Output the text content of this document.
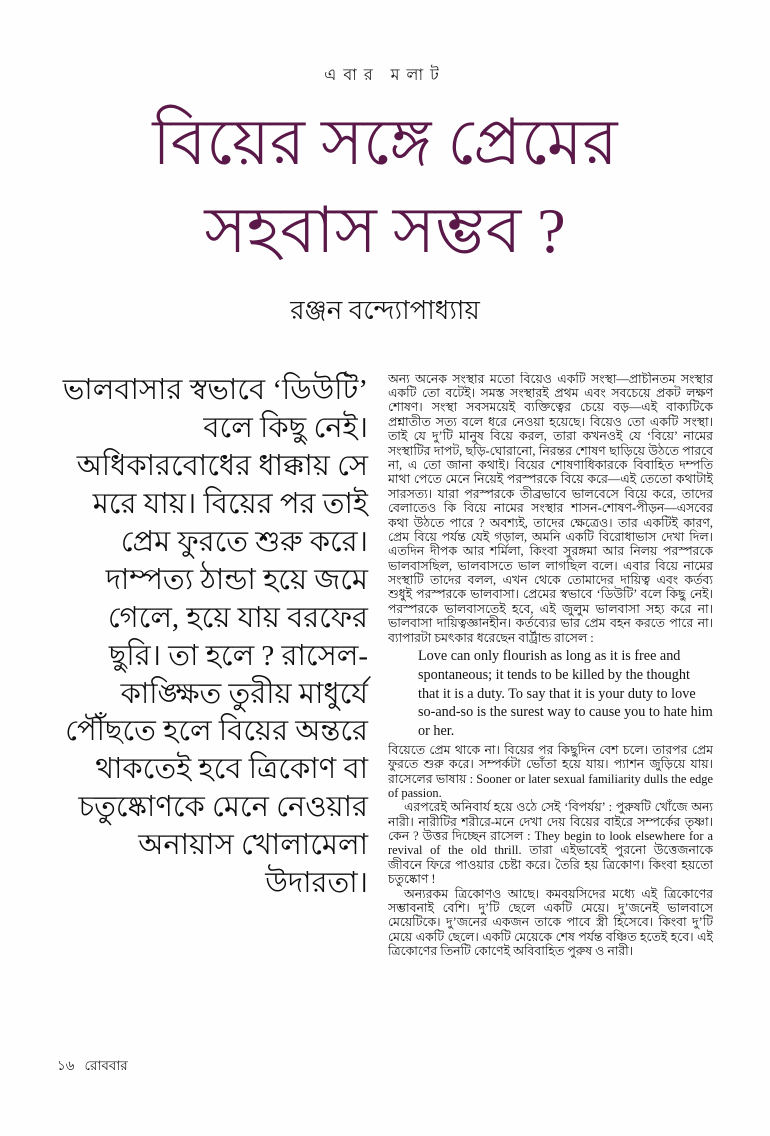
এবার মলাট
বিয়ের সঙ্গে প্রেমের
সহবাস সম্ভব ?
রঞ্জন বন্দ্যোপাধ্যায়
ভালবাসার স্বভাবে ‘ডিউটি’ বলে কিছু নেই। অধিকারবোধের ধাক্কায় সে মরে যায়। বিয়ের পর তাই প্রেম ফুরতে শুরু করে। দাম্পত্য ঠান্ডা হয়ে জমে গেলে, হয়ে যায় বরফের ছুরি। তা হলে ? রাসেল-কাঙ্ক্ষিত তুরীয় মাধুর্যে পৌঁছতে হলে বিয়ের অন্তরে থাকতেই হবে ত্রিকোণ বা চতুষ্কোণকে মেনে নেওয়ার অনায়াস খোলামেলা উদারতা।

অন্য অনেক সংস্থার মতো বিয়েও একটি সংস্থা—প্রাচীনতম সংস্থার একটি তো বটেই। সমস্ত সংস্থারই প্রথম এবং সবচেয়ে প্রকট লক্ষণ শোষণ। সংস্থা সবসময়েই ব্যক্তিত্বের চেয়ে বড়—এই বাক্যটিকে প্রশ্নাতীত সত্য বলে ধরে নেওয়া হয়েছে। বিয়েও তো একটি সংস্থা। তাই যে দু’টি মানুষ বিয়ে করল, তারা কখনওই যে ‘বিয়ে’ নামের সংস্থাটির দাপট, ছড়ি-ঘোরানো, নিরন্তর শোষণ ছাড়িয়ে উঠতে পারবে না, এ তো জানা কথাই। বিয়ের শোষণাধিকারকে বিবাহিত দম্পতি মাথা পেতে মেনে নিয়েই পরস্পরকে বিয়ে করে—এই তেতো কথাটাই সারসত্য। যারা পরস্পরকে তীব্রভাবে ভালবেসে বিয়ে করে, তাদের বেলাতেও কি বিয়ে নামের সংস্থার শাসন-শোষণ-পীড়ন—এসবের কথা উঠতে পারে ? অবশ্যই, তাদের ক্ষেত্রেও। তার একটিই কারণ, প্রেম বিয়ে পর্যন্ত যেই গড়াল, অমনি একটি বিরোধাভাস দেখা দিল। এতদিন দীপক আর শর্মিলা, কিংবা সুরঙ্গমা আর নিলয় পরস্পরকে ভালবাসছিল, ভালবাসতে ভাল লাগছিল বলে। এবার বিয়ে নামের সংস্থাটি তাদের বলল, এখন থেকে তোমাদের দায়িত্ব এবং কর্তব্য শুধুই পরস্পরকে ভালবাসা। প্রেমের স্বভাবে ‘ডিউটি’ বলে কিছু নেই। পরস্পরকে ভালবাসতেই হবে, এই জুলুম ভালবাসা সহ্য করে না। ভালবাসা দায়িত্বজ্ঞানহীন। কর্তব্যের ভার প্রেম বহন করতে পারে না। ব্যাপারটা চমৎকার ধরেছেন বার্ট্রান্ড রাসেল :

Love can only flourish as long as it is free and spontaneous; it tends to be killed by the thought that it is a duty. To say that it is your duty to love so-and-so is the surest way to cause you to hate him or her.

বিয়েতে প্রেম থাকে না। বিয়ের পর কিছুদিন বেশ চলে। তারপর প্রেম ফুরতে শুরু করে। সম্পর্কটা ভোঁতা হয়ে যায়। প্যাশন জুড়িয়ে যায়। রাসেলের ভাষায় : Sooner or later sexual familiarity dulls the edge of passion.

এরপরেই অনিবার্য হয়ে ওঠে সেই ‘বিপর্যয়’ : পুরুষটি খোঁজে অন্য নারী। নারীটির শরীরে-মনে দেখা দেয় বিয়ের বাইরে সম্পর্কের তৃষ্ণা। কেন ? উত্তর দিচ্ছেন রাসেল : They begin to look elsewhere for a revival of the old thrill. তারা এইভাবেই পুরনো উত্তেজনাকে জীবনে ফিরে পাওয়ার চেষ্টা করে। তৈরি হয় ত্রিকোণ। কিংবা হয়তো চতুষ্কোণ !

অন্যরকম ত্রিকোণও আছে। কমবয়সিদের মধ্যে এই ত্রিকোণের সম্ভাবনাই বেশি। দু’টি ছেলে একটি মেয়ে। দু’জনেই ভালবাসে মেয়েটিকে। দু’জনের একজন তাকে পাবে স্ত্রী হিসেবে। কিংবা দু’টি মেয়ে একটি ছেলে। একটি মেয়েকে শেষ পর্যন্ত বঞ্চিত হতেই হবে। এই ত্রিকোণের তিনটি কোণেই অবিবাহিত পুরুষ ও নারী।

১৬ রোববার
